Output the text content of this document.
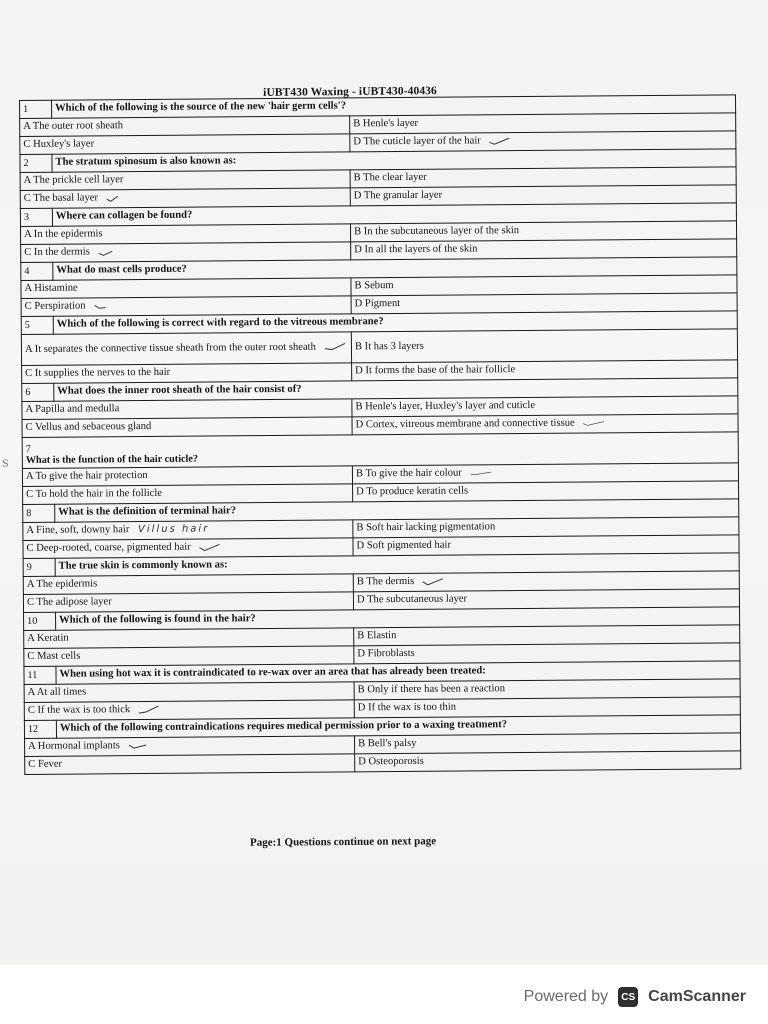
iUBT430 Waxing - iUBT430-40436
S
1	Which of the following is the source of the new 'hair germ cells'?	
A The outer root sheath		B Henle's layer
C Huxley's layer		D The cuticle layer of the hair
2	The stratum spinosum is also known as:	
A The prickle cell layer		B The clear layer
C The basal layer		D The granular layer
3	Where can collagen be found?	
A In the epidermis		B In the subcutaneous layer of the skin
C In the dermis		D In all the layers of the skin
4	What do mast cells produce?	
A Histamine		B Sebum
C Perspiration		D Pigment
5	Which of the following is correct with regard to the vitreous membrane?	
A It separates the connective tissue sheath from the outer root sheath		B It has 3 layers
C It supplies the nerves to the hair		D It forms the base of the hair follicle
6	What does the inner root sheath of the hair consist of?	
A Papilla and medulla		B Henle's layer, Huxley's layer and cuticle
C Vellus and sebaceous gland		D Cortex, vitreous membrane and connective tissue

7
What is the function of the hair cuticle?		

A To give the hair protection		B To give the hair colour
C To hold the hair in the follicle		D To produce keratin cells
8	What is the definition of terminal hair?	
A Fine, soft, downy hair Villus hair		B Soft hair lacking pigmentation
C Deep-rooted, coarse, pigmented hair		D Soft pigmented hair
9	The true skin is commonly known as:	
A The epidermis		B The dermis
C The adipose layer		D The subcutaneous layer
10	Which of the following is found in the hair?	
A Keratin		B Elastin
C Mast cells		D Fibroblasts
11	When using hot wax it is contraindicated to re-wax over an area that has already been treated:	
A At all times		B Only if there has been a reaction
C If the wax is too thick		D If the wax is too thin
12	Which of the following contraindications requires medical permission prior to a waxing treatment?	
A Hormonal implants		B Bell's palsy
C Fever		D Osteoporosis
Page:1 Questions continue on next page
Powered by	CS CamScanner
